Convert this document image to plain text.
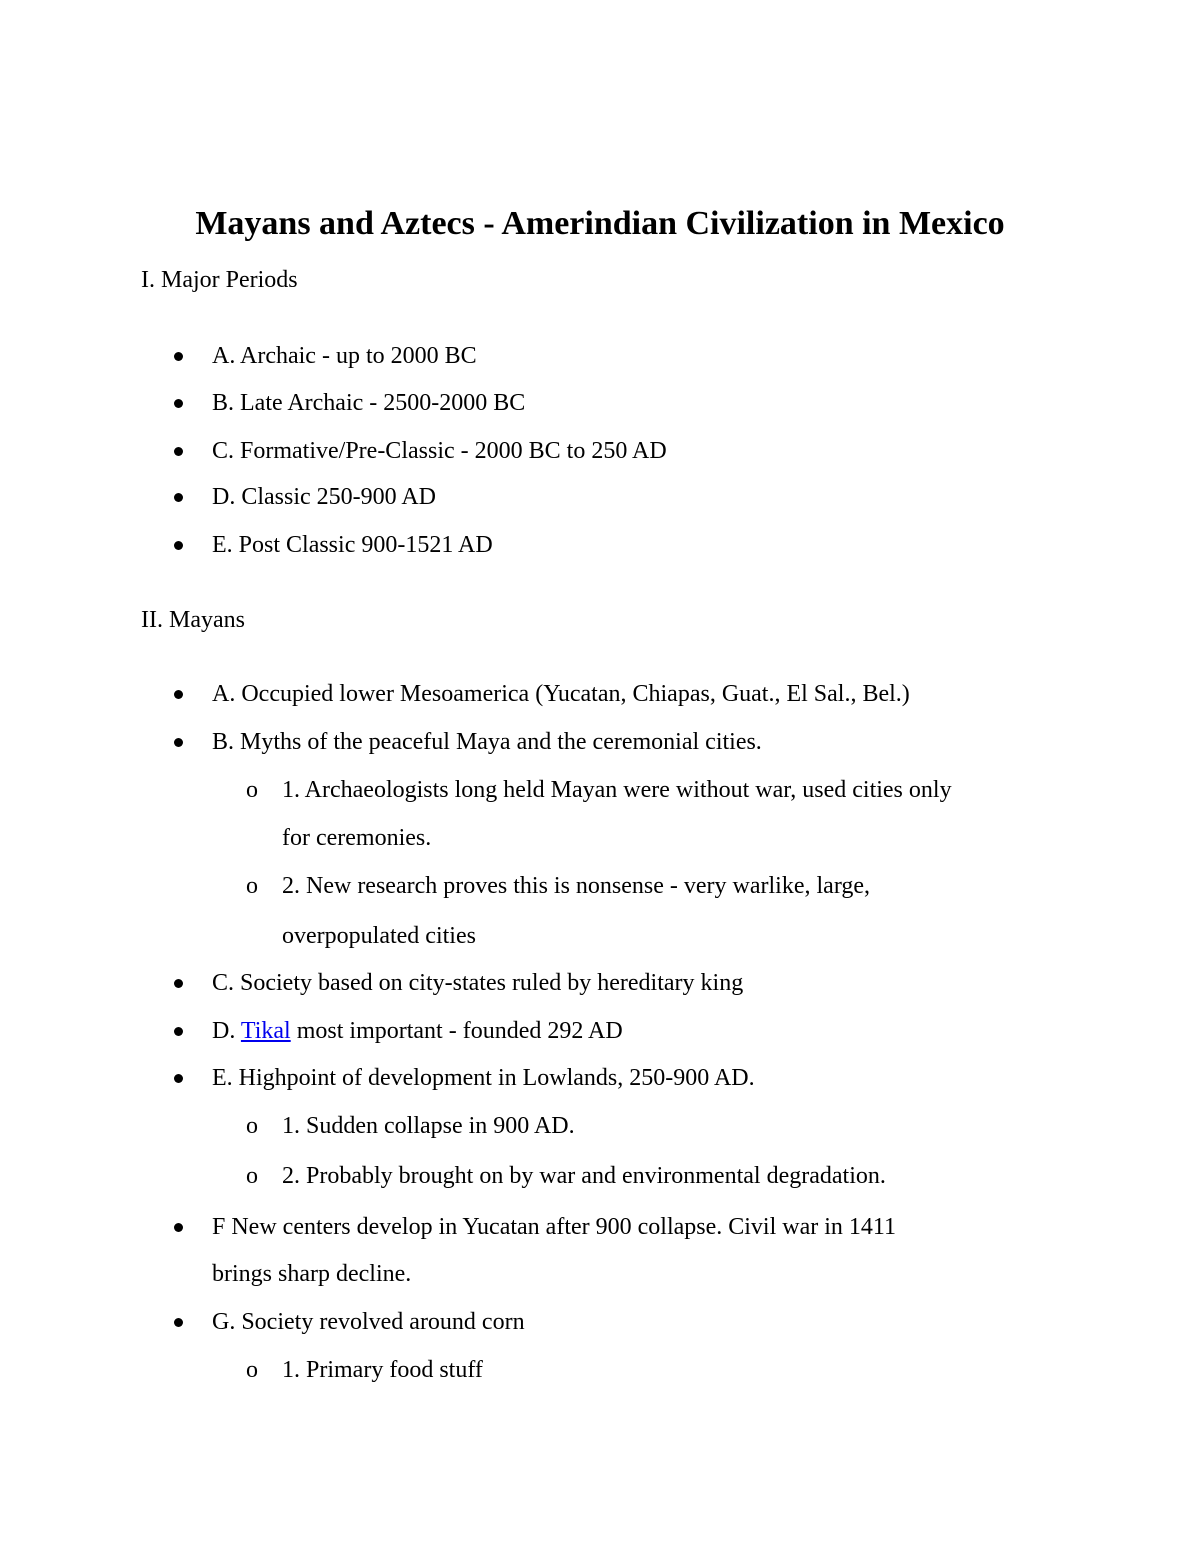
Mayans and Aztecs - Amerindian Civilization in Mexico
I. Major Periods
A. Archaic - up to 2000 BC
B. Late Archaic - 2500-2000 BC
C. Formative/Pre-Classic - 2000 BC to 250 AD
D. Classic 250-900 AD
E. Post Classic 900-1521 AD
II. Mayans
A. Occupied lower Mesoamerica (Yucatan, Chiapas, Guat., El Sal., Bel.)
B. Myths of the peaceful Maya and the ceremonial cities.
o 1. Archaeologists long held Mayan were without war, used cities only
for ceremonies.
o 2. New research proves this is nonsense - very warlike, large,
overpopulated cities
C. Society based on city-states ruled by hereditary king
D. Tikal most important - founded 292 AD
E. Highpoint of development in Lowlands, 250-900 AD.
o 1. Sudden collapse in 900 AD.
o 2. Probably brought on by war and environmental degradation.
F New centers develop in Yucatan after 900 collapse. Civil war in 1411
brings sharp decline.
G. Society revolved around corn
o 1. Primary food stuff
